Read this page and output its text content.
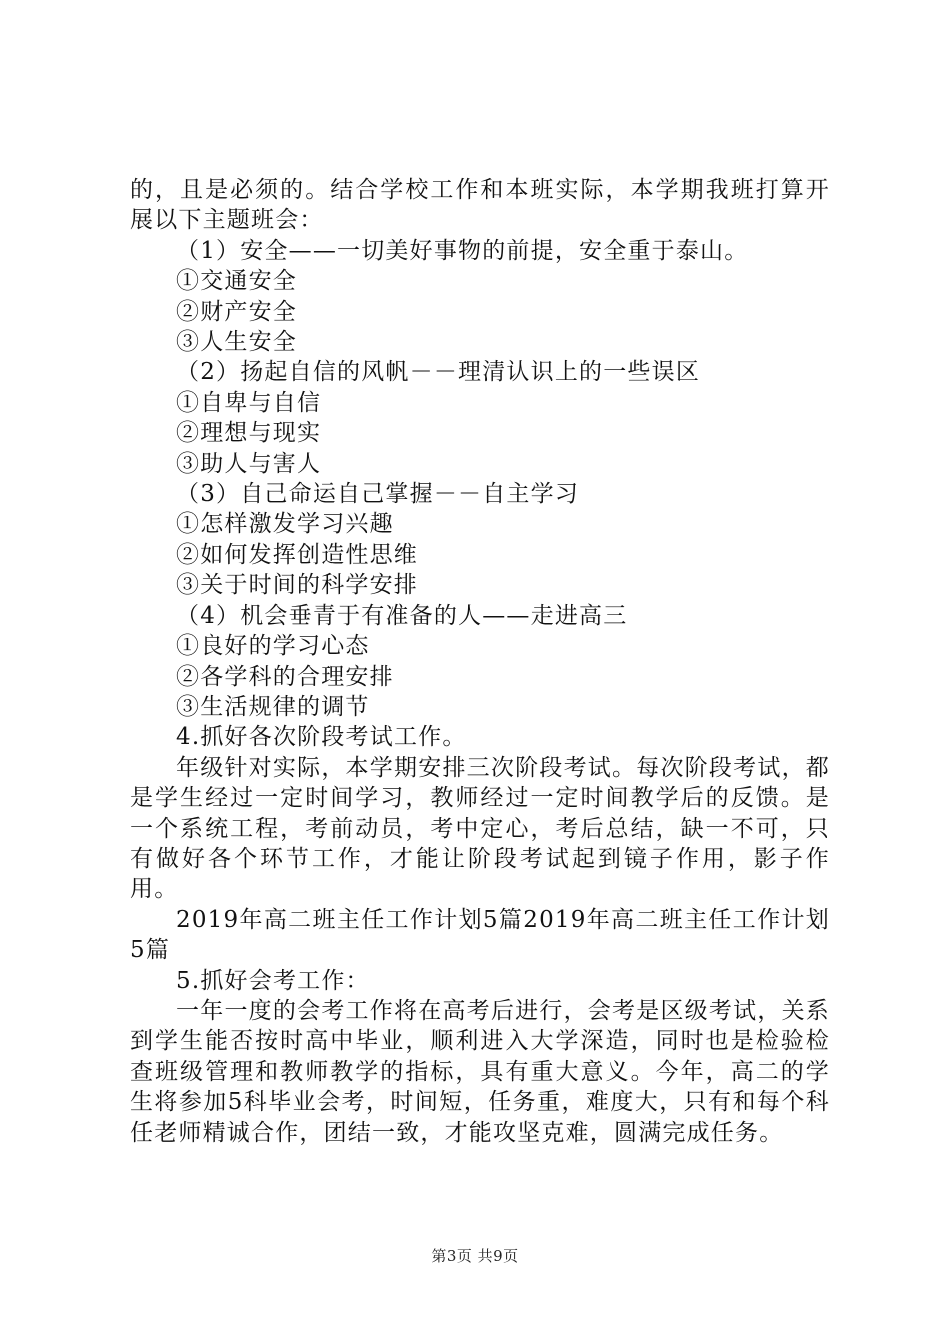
的，且是必须的。结合学校工作和本班实际，本学期我班打算开展以下主题班会：

（1）安全——一切美好事物的前提，安全重于泰山。

①交通安全

②财产安全

③人生安全

（2）扬起自信的风帆－－理清认识上的一些误区

①自卑与自信

②理想与现实

③助人与害人

（3）自己命运自己掌握－－自主学习

①怎样激发学习兴趣

②如何发挥创造性思维

③关于时间的科学安排

（4）机会垂青于有准备的人——走进高三

①良好的学习心态

②各学科的合理安排

③生活规律的调节

4.抓好各次阶段考试工作。

年级针对实际，本学期安排三次阶段考试。每次阶段考试，都是学生经过一定时间学习，教师经过一定时间教学后的反馈。是一个系统工程，考前动员，考中定心，考后总结，缺一不可，只有做好各个环节工作，才能让阶段考试起到镜子作用，影子作用。

2019年高二班主任工作计划5篇2019年高二班主任工作计划5篇

5.抓好会考工作：

一年一度的会考工作将在高考后进行，会考是区级考试，关系到学生能否按时高中毕业，顺利进入大学深造，同时也是检验检查班级管理和教师教学的指标，具有重大意义。今年，高二的学生将参加5科毕业会考，时间短，任务重，难度大，只有和每个科任老师精诚合作，团结一致，才能攻坚克难，圆满完成任务。

第3页 共9页
